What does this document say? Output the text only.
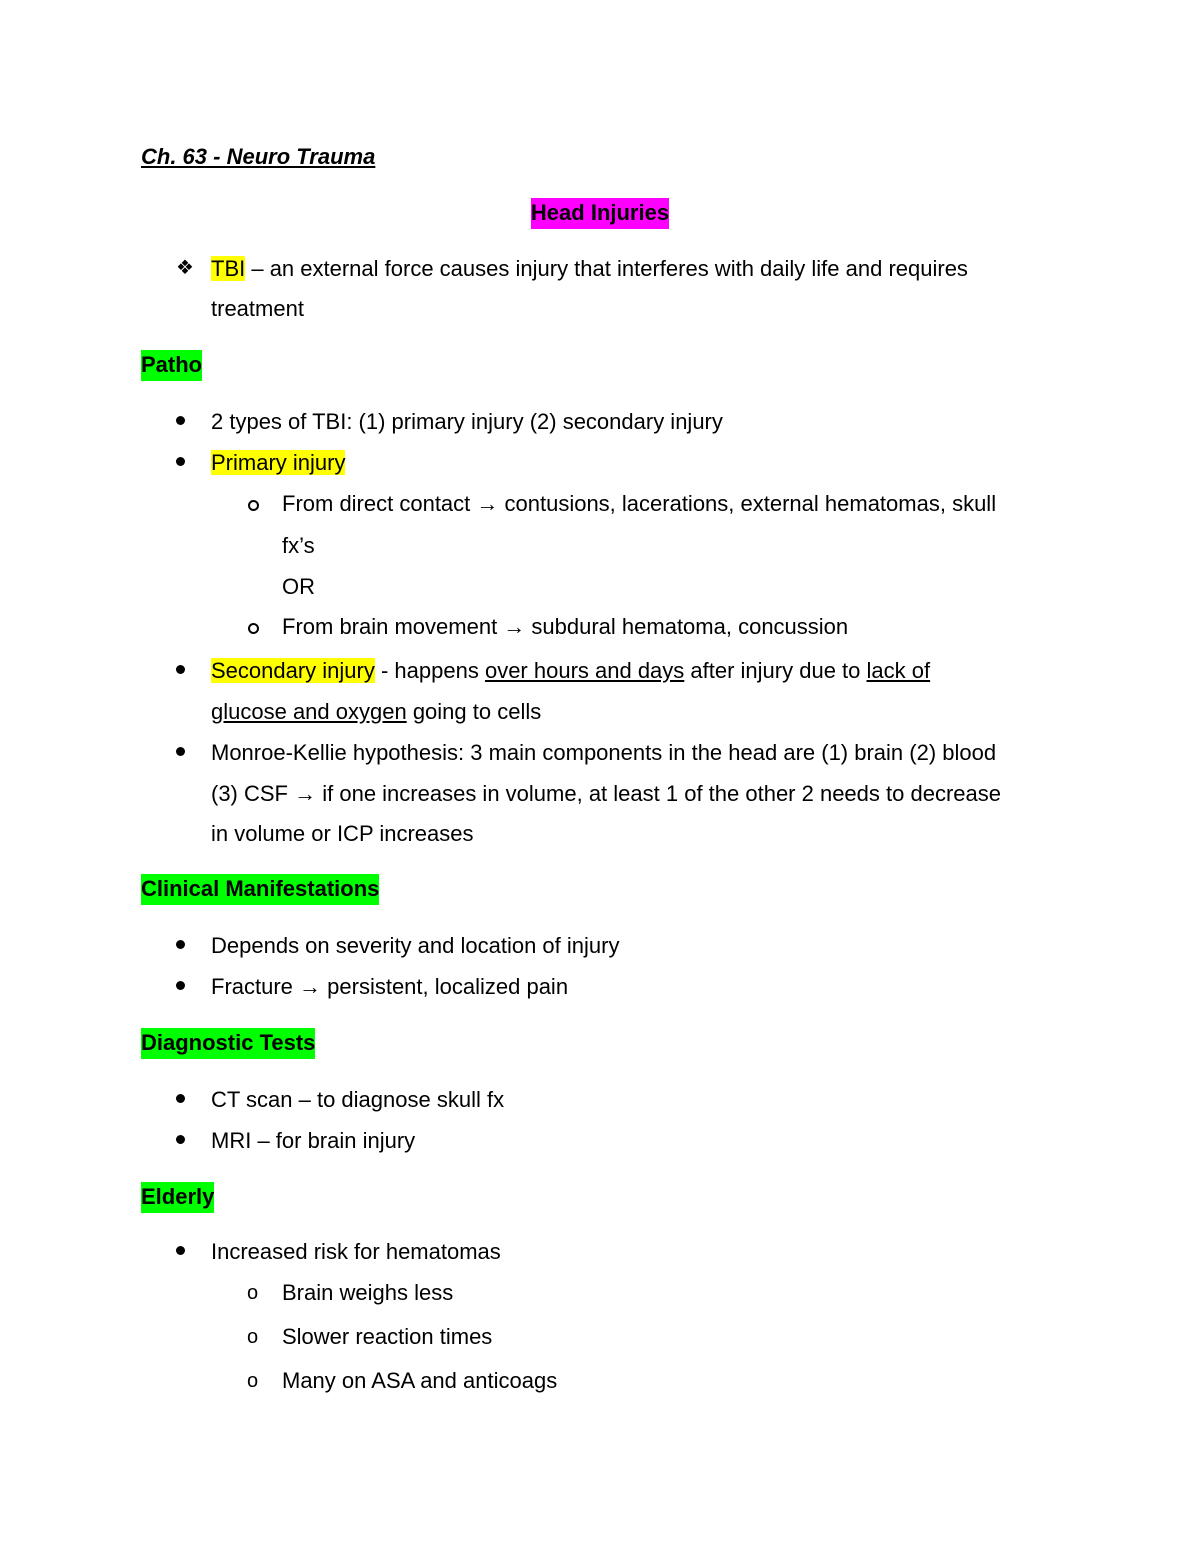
Ch. 63 - Neuro Trauma
Head Injuries
❖ TBI – an external force causes injury that interferes with daily life and requires
treatment
Patho
2 types of TBI: (1) primary injury (2) secondary injury
Primary injury
From direct contact → contusions, lacerations, external hematomas, skull
fx’s
OR
From brain movement → subdural hematoma, concussion
Secondary injury - happens over hours and days after injury due to lack of
glucose and oxygen going to cells
Monroe-Kellie hypothesis: 3 main components in the head are (1) brain (2) blood
(3) CSF → if one increases in volume, at least 1 of the other 2 needs to decrease
in volume or ICP increases
Clinical Manifestations
Depends on severity and location of injury
Fracture → persistent, localized pain
Diagnostic Tests
CT scan – to diagnose skull fx
MRI – for brain injury
Elderly
Increased risk for hematomas
o Brain weighs less
o Slower reaction times
o Many on ASA and anticoags
